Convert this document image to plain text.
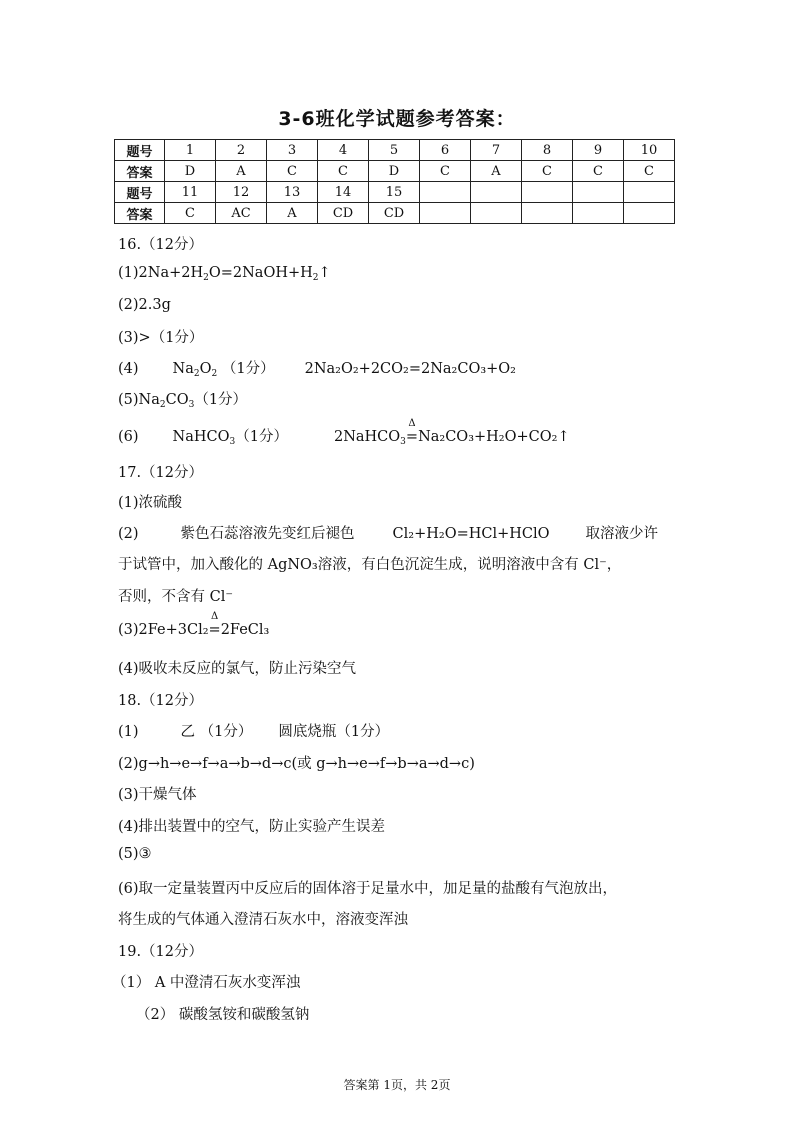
3-6班化学试题参考答案：
题号	1	2	3	4	5	6	7	8	9	10
答案	D	A	C	C	D	C	A	C	C	C
题号	11	12	13	14	15					
答案	C	AC	A	CD	CD					
16.（12分）
$(1)2Na+2H_2O=2NaOH+H_2↑$
(2)2.3g
(3)>（1分）
(4) $Na_2O_2$ （1分） 2Na₂O₂+2CO₂=2Na₂CO₃+O₂
$(5)Na_2CO_3(1$分）
(6) NaHCO$_3$（1分）	2NaHCO$_3$
Δ
=Na₂CO₃+H₂O+CO₂↑
17.（12分）
(1)浓硫酸
(2)	紫色石蕊溶液先变红后褪色	Cl₂+H₂O=HCl+HClO 取溶液少许
于试管中，加入酸化的 AgNO₃溶液，有白色沉淀生成，说明溶液中含有 Cl⁻，
否则，不含有 Cl⁻
(3)2Fe+3Cl₂
Δ
=2FeCl₃
(4)吸收未反应的氯气，防止污染空气
18.（12分）
(1)	乙 （1分） 圆底烧瓶（1分）
(2)g→h→e→f→a→b→d→c(或 g→h→e→f→b→a→d→c)
(3)干燥气体
(4)排出装置中的空气，防止实验产生误差
(5)③
(6)取一定量装置丙中反应后的固体溶于足量水中，加足量的盐酸有气泡放出，
将生成的气体通入澄清石灰水中，溶液变浑浊
19.（12分）
（1） A 中澄清石灰水变浑浊
（2） 碳酸氢铵和碳酸氢钠
答案第 1页，共 2页
